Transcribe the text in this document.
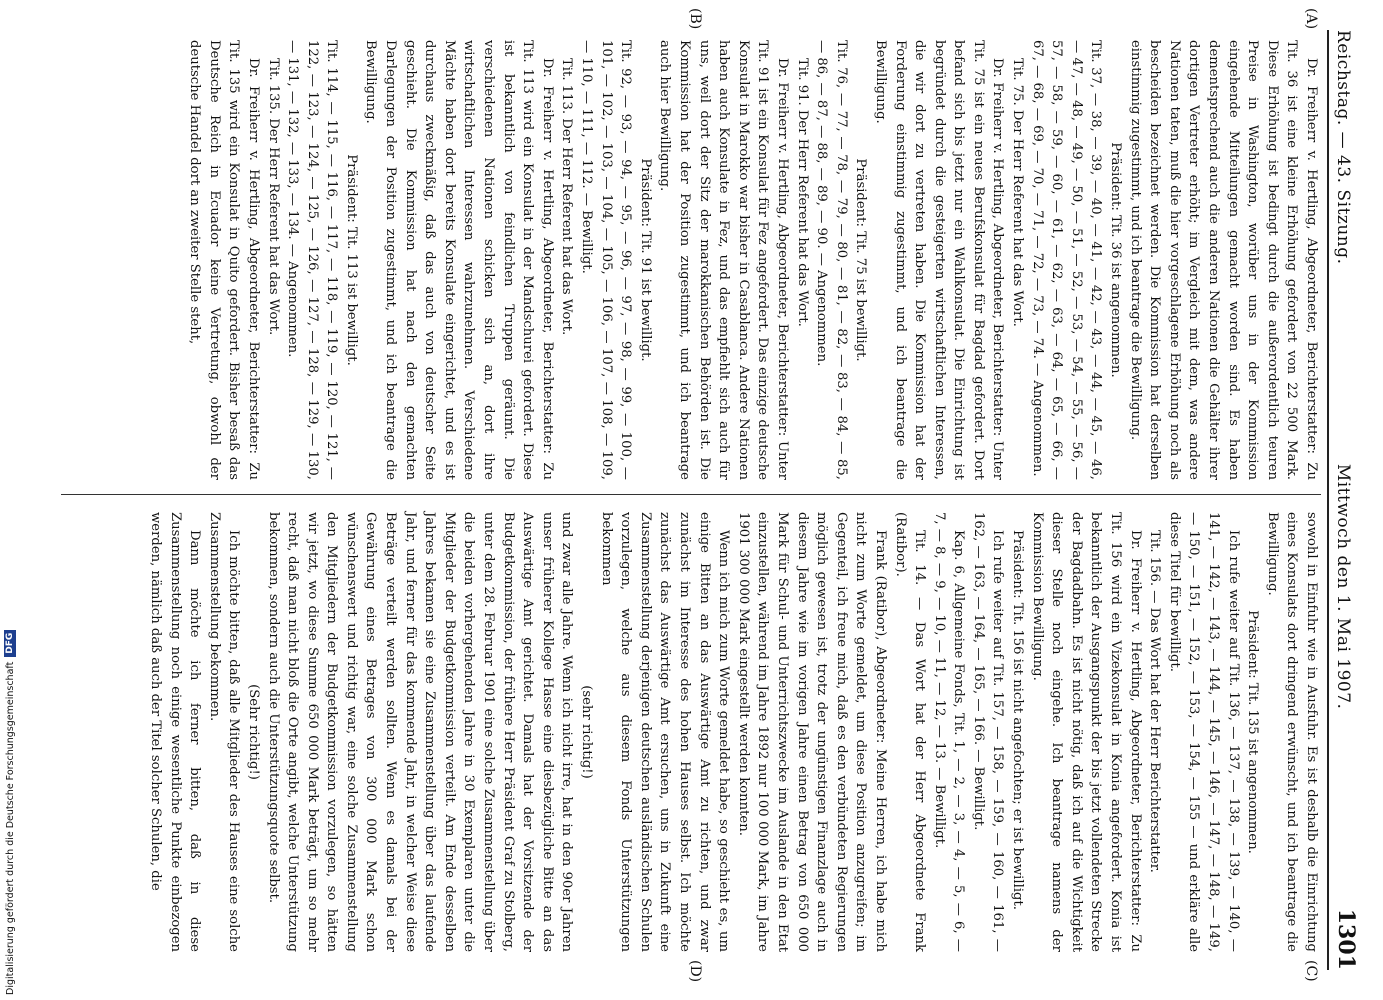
Reichstag. — 43. Sitzung.
Mittwoch den 1. Mai 1907.
1301
(A)
(B)
(C)
(D)

Dr. Freiherr v. Hertling, Abgeordneter, Berichterstatter: Zu Tit. 36 ist eine kleine Erhöhung gefordert von 22 500 Mark. Diese Erhöhung ist bedingt durch die außerordentlich teuren Preise in Washington, worüber uns in der Kommission eingehende Mitteilungen gemacht worden sind. Es haben dementsprechend auch die anderen Nationen die Gehälter ihrer dortigen Vertreter erhöht; im Vergleich mit dem, was andere Nationen taten, muß die hier vorgeschlagene Erhöhung noch als bescheiden bezeichnet werden. Die Kommission hat derselben einstimmig zugestimmt, und ich beantrage die Bewilligung.

Präsident: Tit. 36 ist angenommen.

Tit. 37, — 38, — 39, — 40, — 41, — 42, — 43, — 44, — 45, — 46, — 47, — 48, — 49, — 50, — 51, — 52, — 53, — 54, — 55, — 56, — 57, — 58, — 59, — 60, — 61, — 62, — 63, — 64, — 65, — 66, — 67, — 68, — 69, — 70, — 71, — 72, — 73, — 74. — Angenommen.

Tit. 75. Der Herr Referent hat das Wort.

Dr. Freiherr v. Hertling, Abgeordneter, Berichterstatter: Unter Tit. 75 ist ein neues Berufskonsulat für Bagdad gefordert. Dort befand sich bis jetzt nur ein Wahlkonsulat. Die Einrichtung ist begründet durch die gesteigerten wirtschaftlichen Interessen, die wir dort zu vertreten haben. Die Kommission hat der Forderung einstimmig zugestimmt, und ich beantrage die Bewilligung.

Präsident: Tit. 75 ist bewilligt.

Tit. 76, — 77, — 78, — 79, — 80, — 81, — 82, — 83, — 84, — 85, — 86, — 87, — 88, — 89, — 90. — Angenommen.

Tit. 91. Der Herr Referent hat das Wort.

Dr. Freiherr v. Hertling, Abgeordneter, Berichterstatter: Unter Tit. 91 ist ein Konsulat für Fez angefordert. Das einzige deutsche Konsulat in Marokko war bisher in Casablanca. Andere Nationen haben auch Konsulate in Fez, und das empfiehlt sich auch für uns, weil dort der Sitz der marokkanischen Behörden ist. Die Kommission hat der Position zugestimmt, und ich beantrage auch hier Bewilligung.

Präsident: Tit. 91 ist bewilligt.

Tit. 92, — 93, — 94, — 95, — 96, — 97, — 98, — 99, — 100, — 101, — 102, — 103, — 104, — 105, — 106, — 107, — 108, — 109, — 110, — 111, — 112. — Bewilligt.

Tit. 113. Der Herr Referent hat das Wort.

Dr. Freiherr v. Hertling, Abgeordneter, Berichterstatter: Zu Tit. 113 wird ein Konsulat in der Mandschurei gefordert. Diese ist bekanntlich von feindlichen Truppen geräumt. Die verschiedenen Nationen schicken sich an, dort ihre wirtschaftlichen Interessen wahrzunehmen. Verschiedene Mächte haben dort bereits Konsulate eingerichtet, und es ist durchaus zweckmäßig, daß das auch von deutscher Seite geschieht. Die Kommission hat nach den gemachten Darlegungen der Position zugestimmt, und ich beantrage die Bewilligung.

Präsident: Tit. 113 ist bewilligt.

Tit. 114, — 115, — 116, — 117, — 118, — 119, — 120, — 121, — 122, — 123, — 124, — 125, — 126, — 127, — 128, — 129, — 130, — 131, — 132, — 133, — 134. — Angenommen.

Tit. 135. Der Herr Referent hat das Wort.

Dr. Freiherr v. Hertling, Abgeordneter, Berichterstatter: Zu Tit. 135 wird ein Konsulat in Quito gefordert. Bisher besaß das Deutsche Reich in Ecuador keine Vertretung, obwohl der deutsche Handel dort an zweiter Stelle steht,

sowohl in Einfuhr wie in Ausfuhr. Es ist deshalb die Einrichtung eines Konsulats dort dringend erwünscht, und ich beantrage die Bewilligung.

Präsident: Tit. 135 ist angenommen.

Ich rufe weiter auf Tit. 136, — 137, — 138, — 139, — 140, — 141, — 142, — 143, — 144, — 145, — 146, — 147, — 148, — 149, — 150, — 151, — 152, — 153, — 154, — 155 — und erkläre alle diese Titel für bewilligt.

Tit. 156. — Das Wort hat der Herr Berichterstatter.

Dr. Freiherr v. Hertling, Abgeordneter, Berichterstatter: Zu Tit. 156 wird ein Vizekonsulat in Konia angefordert. Konia ist bekanntlich der Ausgangspunkt der bis jetzt vollendeten Strecke der Bagdadbahn. Es ist nicht nötig, daß ich auf die Wichtigkeit dieser Stelle noch eingehe. Ich beantrage namens der Kommission Bewilligung.

Präsident: Tit. 156 ist nicht angefochten; er ist bewilligt.

Ich rufe weiter auf Tit. 157, — 158, — 159, — 160, — 161, — 162, — 163, — 164, — 165, — 166. — Bewilligt.

Kap. 6, Allgemeine Fonds, Tit. 1, — 2, — 3, — 4, — 5, — 6, — 7, — 8, — 9, — 10, — 11, — 12, — 13. — Bewilligt.

Tit. 14. — Das Wort hat der Herr Abgeordnete Frank (Ratibor).

Frank (Ratibor), Abgeordneter: Meine Herren, ich habe mich nicht zum Worte gemeldet, um diese Position anzugreifen; im Gegenteil, ich freue mich, daß es den verbündeten Regierungen möglich gewesen ist, trotz der ungünstigen Finanzlage auch in diesem Jahre wie im vorigen Jahre einen Betrag von 650 000 Mark für Schul- und Unterrichtszwecke im Auslande in den Etat einzustellen, während im Jahre 1892 nur 100 000 Mark, im Jahre 1901 300 000 Mark eingestellt werden konnten.

Wenn ich mich zum Worte gemeldet habe, so geschieht es, um einige Bitten an das Auswärtige Amt zu richten, und zwar zunächst im Interesse des hohen Hauses selbst. Ich möchte zunächst das Auswärtige Amt ersuchen, uns in Zukunft eine Zusammenstellung derjenigen deutschen ausländischen Schulen vorzulegen, welche aus diesem Fonds Unterstützungen bekommen

(sehr richtig!)

und zwar alle Jahre. Wenn ich nicht irre, hat in den 90er Jahren unser früherer Kollege Hasse eine diesbezügliche Bitte an das Auswärtige Amt gerichtet. Damals hat der Vorsitzende der Budgetkommission, der frühere Herr Präsident Graf zu Stolberg, unter dem 28. Februar 1901 eine solche Zusammenstellung über die beiden vorhergehenden Jahre in 30 Exemplaren unter die Mitglieder der Budgetkommission verteilt. Am Ende desselben Jahres bekamen sie eine Zusammenstellung über das laufende Jahr, und ferner für das kommende Jahr, in welcher Weise diese Beträge verteilt werden sollten. Wenn es damals bei der Gewährung eines Betrages von 300 000 Mark schon wünschenswert und richtig war, eine solche Zusammenstellung den Mitgliedern der Budgetkommission vorzulegen, so hätten wir jetzt, wo diese Summe 650 000 Mark beträgt, um so mehr recht, daß man nicht bloß die Orte angibt, welche Unterstützung bekommen, sondern auch die Unterstützungsquote selbst.

(Sehr richtig!)

Ich möchte bitten, daß alle Mitglieder des Hauses eine solche Zusammenstellung bekommen.

Dann möchte ich ferner bitten, daß in diese Zusammenstellung noch einige wesentliche Punkte einbezogen werden, nämlich daß auch der Titel solcher Schulen, die

Digitalisierung gefördert durch die Deutsche Forschungsgemeinschaft
DFG
